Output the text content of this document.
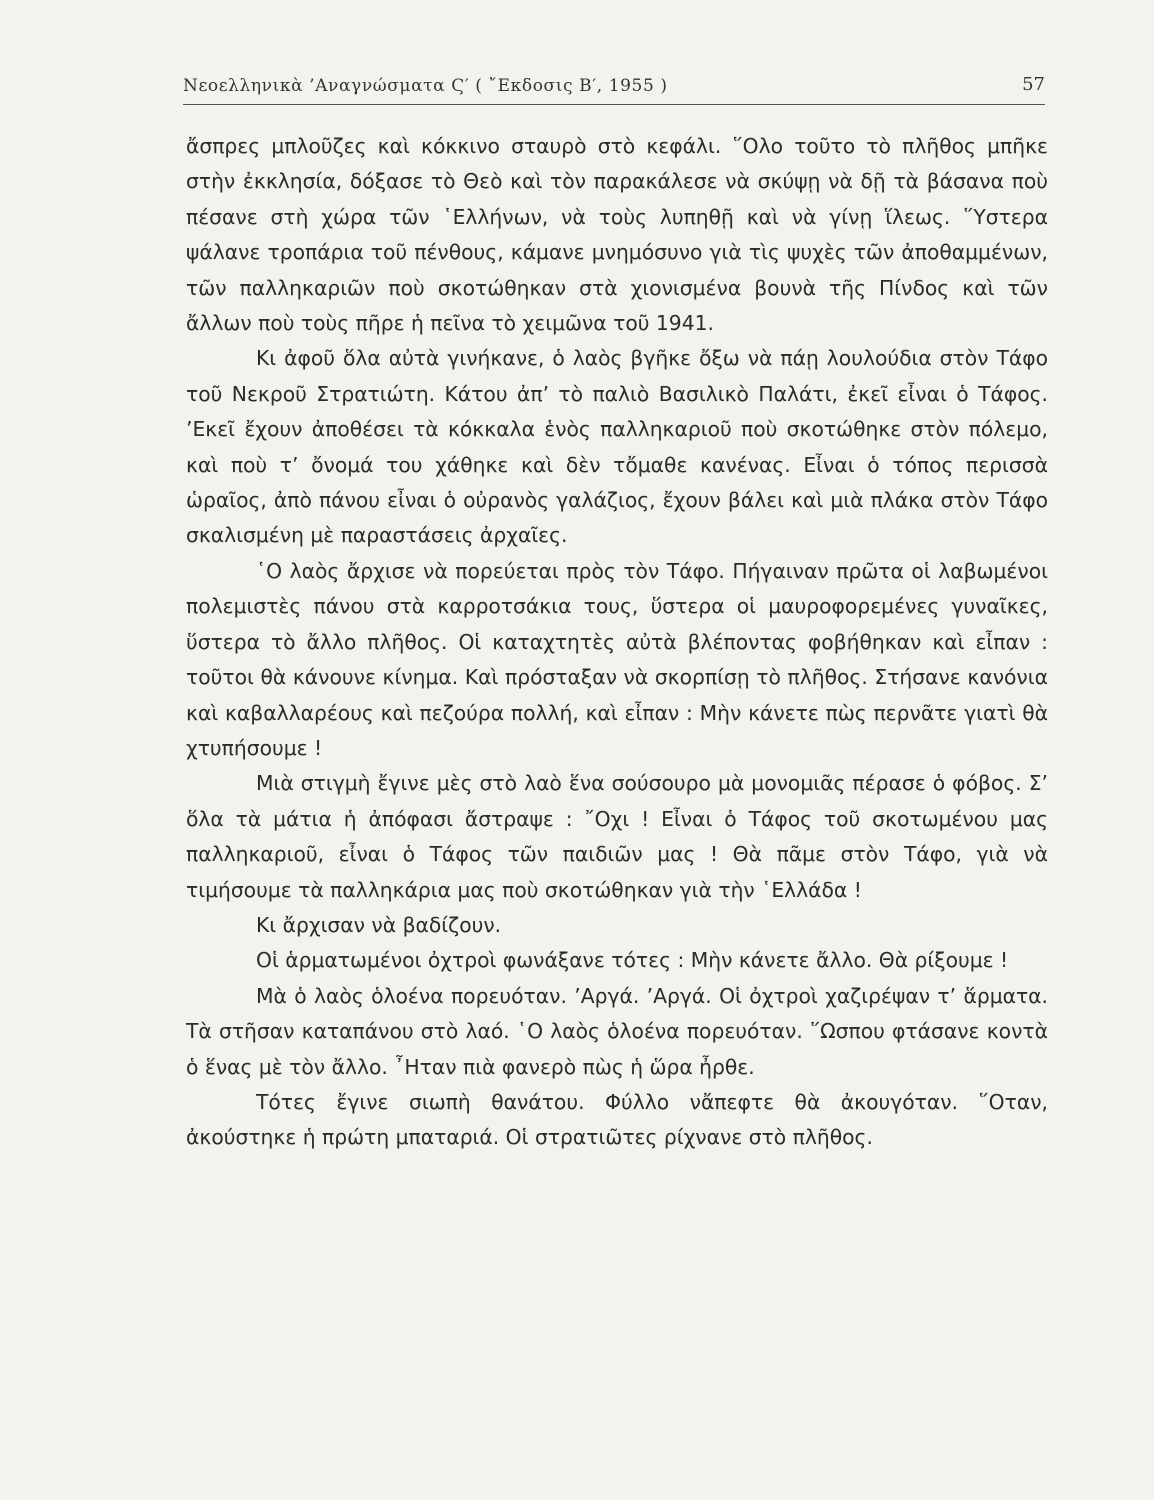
Νεοελληνικὰ ’Αναγνώσματα Ϛ′ ( ῎Εκδοσις Β′, 1955 )	57

ἄσπρες μπλοῦζες καὶ κόκκινο σταυρὸ στὸ κεφάλι. ῞Ολο τοῦτο τὸ πλῆθος μπῆκε στὴν ἐκκλησία, δόξασε τὸ Θεὸ καὶ τὸν παρακάλεσε νὰ σκύψῃ νὰ δῇ τὰ βάσανα ποὺ πέσανε στὴ χώρα τῶν ῾Ελλήνων, νὰ τοὺς λυπηθῇ καὶ νὰ γίνῃ ἵλεως. ῞Υστερα ψάλανε τροπάρια τοῦ πένθους, κάμανε μνημόσυνο γιὰ τὶς ψυχὲς τῶν ἀποθαμμένων, τῶν παλληκαριῶν ποὺ σκοτώθηκαν στὰ χιονισμένα βουνὰ τῆς Πίνδος καὶ τῶν ἄλλων ποὺ τοὺς πῆρε ἡ πεῖνα τὸ χειμῶνα τοῦ 1941.

Κι ἀφοῦ ὅλα αὐτὰ γινήκανε, ὁ λαὸς βγῆκε ὄξω νὰ πάῃ λουλούδια στὸν Τάφο τοῦ Νεκροῦ Στρατιώτη. Κάτου ἀπ’ τὸ παλιὸ Βασιλικὸ Παλάτι, ἐκεῖ εἶναι ὁ Τάφος. ’Εκεῖ ἔχουν ἀποθέσει τὰ κόκκαλα ἑνὸς παλληκαριοῦ ποὺ σκοτώθηκε στὸν πόλεμο, καὶ ποὺ τ’ ὄνομά του χάθηκε καὶ δὲν τὄμαθε κανένας. Εἶναι ὁ τόπος περισσὰ ὡραῖος, ἀπὸ πάνου εἶναι ὁ οὐρανὸς γαλάζιος, ἔχουν βάλει καὶ μιὰ πλάκα στὸν Τάφο σκαλισμένη μὲ παραστάσεις ἀρχαῖες.

῾Ο λαὸς ἄρχισε νὰ πορεύεται πρὸς τὸν Τάφο. Πήγαιναν πρῶτα οἱ λαβωμένοι πολεμιστὲς πάνου στὰ καρροτσάκια τους, ὕστερα οἱ μαυροφορεμένες γυναῖκες, ὕστερα τὸ ἄλλο πλῆθος. Οἱ καταχτητὲς αὐτὰ βλέποντας φοβήθηκαν καὶ εἶπαν : τοῦτοι θὰ κάνουνε κίνημα. Καὶ πρόσταξαν νὰ σκορπίσῃ τὸ πλῆθος. Στήσανε κανόνια καὶ καβαλλαρέους καὶ πεζούρα πολλή, καὶ εἶπαν : Μὴν κάνετε πὼς περνᾶτε γιατὶ θὰ χτυπήσουμε !

Μιὰ στιγμὴ ἔγινε μὲς στὸ λαὸ ἕνα σούσουρο μὰ μονομιᾶς πέρασε ὁ φόβος. Σ’ ὅλα τὰ μάτια ἡ ἀπόφασι ἄστραψε : ῎Οχι ! Εἶναι ὁ Τάφος τοῦ σκοτωμένου μας παλληκαριοῦ, εἶναι ὁ Τάφος τῶν παιδιῶν μας ! Θὰ πᾶμε στὸν Τάφο, γιὰ νὰ τιμήσουμε τὰ παλληκάρια μας ποὺ σκοτώθηκαν γιὰ τὴν ῾Ελλάδα !

Κι ἄρχισαν νὰ βαδίζουν.

Οἱ ἁρματωμένοι ὀχτροὶ φωνάξανε τότες : Μὴν κάνετε ἄλλο. Θὰ ρίξουμε !

Μὰ ὁ λαὸς ὁλοένα πορευόταν. ’Αργά. ’Αργά. Οἱ ὀχτροὶ χαζιρέψαν τ’ ἅρματα. Τὰ στῆσαν καταπάνου στὸ λαό. ῾Ο λαὸς ὁλοένα πορευόταν. ῞Ωσπου φτάσανε κοντὰ ὁ ἕνας μὲ τὸν ἄλλο. ῏Ηταν πιὰ φανερὸ πὼς ἡ ὥρα ἦρθε.

Τότες ἔγινε σιωπὴ θανάτου. Φύλλο νἄπεφτε θὰ ἀκουγόταν. ῞Οταν, ἀκούστηκε ἡ πρώτη μπαταριά. Οἱ στρατιῶτες ρίχνανε στὸ πλῆθος.
